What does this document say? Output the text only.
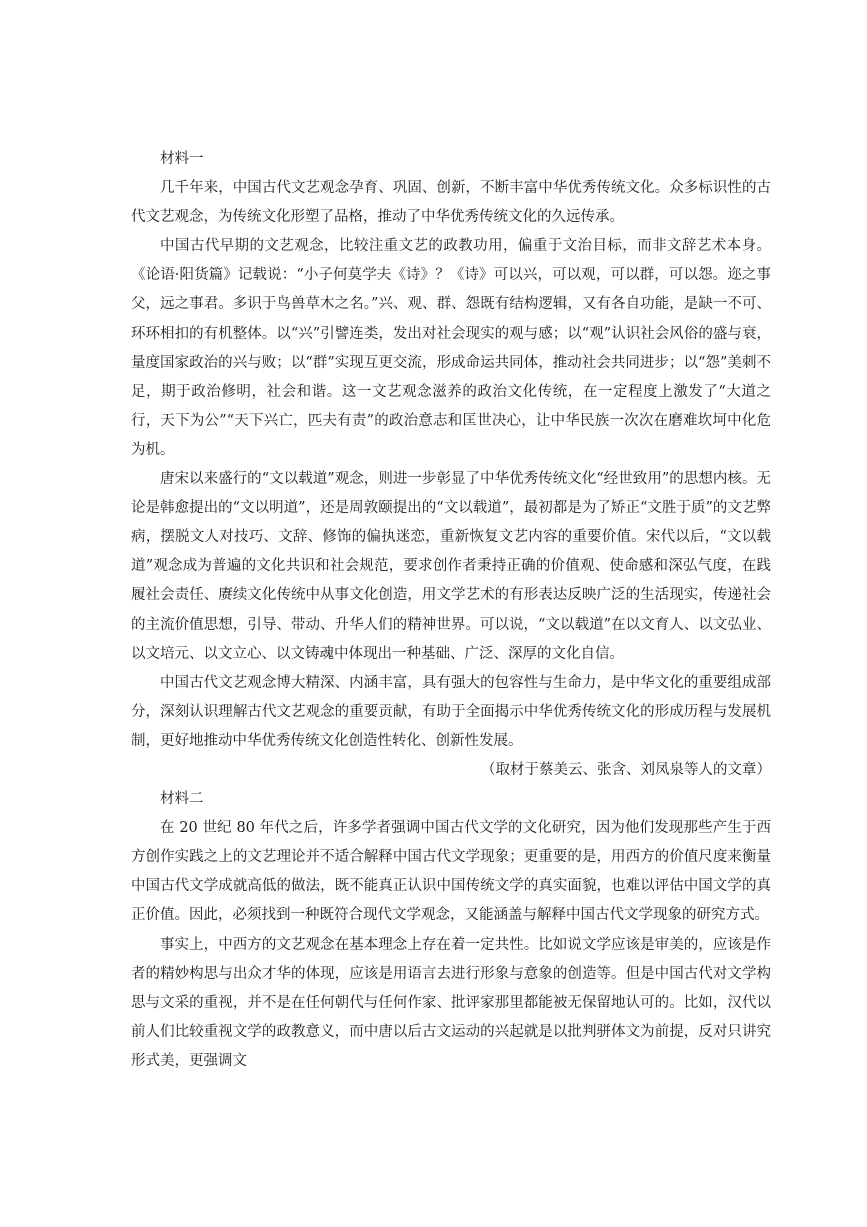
材料一

几千年来，中国古代文艺观念孕育、巩固、创新，不断丰富中华优秀传统文化。众多标识性的古代文艺观念，为传统文化形塑了品格，推动了中华优秀传统文化的久远传承。

中国古代早期的文艺观念，比较注重文艺的政教功用，偏重于文治目标，而非文辞艺术本身。《论语·阳货篇》记载说：“小子何莫学夫《诗》？《诗》可以兴，可以观，可以群，可以怨。迩之事父，远之事君。多识于鸟兽草木之名。”兴、观、群、怨既有结构逻辑，又有各自功能，是缺一不可、环环相扣的有机整体。以“兴”引譬连类，发出对社会现实的观与感；以“观”认识社会风俗的盛与衰，量度国家政治的兴与败；以“群”实现互更交流，形成命运共同体，推动社会共同进步；以“怨”美刺不足，期于政治修明，社会和谐。这一文艺观念滋养的政治文化传统，在一定程度上激发了“大道之行，天下为公”“天下兴亡，匹夫有责”的政治意志和匡世决心，让中华民族一次次在磨难坎坷中化危为机。

唐宋以来盛行的“文以载道”观念，则进一步彰显了中华优秀传统文化“经世致用”的思想内核。无论是韩愈提出的“文以明道”，还是周敦颐提出的“文以载道”，最初都是为了矫正“文胜于质”的文艺弊病，摆脱文人对技巧、文辞、修饰的偏执迷恋，重新恢复文艺内容的重要价值。宋代以后，“文以载道”观念成为普遍的文化共识和社会规范，要求创作者秉持正确的价值观、使命感和深弘气度，在践履社会责任、赓续文化传统中从事文化创造，用文学艺术的有形表达反映广泛的生活现实，传递社会的主流价值思想，引导、带动、升华人们的精神世界。可以说，“文以载道”在以文育人、以文弘业、以文培元、以文立心、以文铸魂中体现出一种基础、广泛、深厚的文化自信。

中国古代文艺观念博大精深、内涵丰富，具有强大的包容性与生命力，是中华文化的重要组成部分，深刻认识理解古代文艺观念的重要贡献，有助于全面揭示中华优秀传统文化的形成历程与发展机制，更好地推动中华优秀传统文化创造性转化、创新性发展。

（取材于蔡美云、张含、刘凤泉等人的文章）

材料二

在 20 世纪 80 年代之后，许多学者强调中国古代文学的文化研究，因为他们发现那些产生于西方创作实践之上的文艺理论并不适合解释中国古代文学现象；更重要的是，用西方的价值尺度来衡量中国古代文学成就高低的做法，既不能真正认识中国传统文学的真实面貌，也难以评估中国文学的真正价值。因此，必须找到一种既符合现代文学观念，又能涵盖与解释中国古代文学现象的研究方式。

事实上，中西方的文艺观念在基本理念上存在着一定共性。比如说文学应该是审美的，应该是作者的精妙构思与出众才华的体现，应该是用语言去进行形象与意象的创造等。但是中国古代对文学构思与文采的重视，并不是在任何朝代与任何作家、批评家那里都能被无保留地认可的。比如，汉代以前人们比较重视文学的政教意义，而中唐以后古文运动的兴起就是以批判骈体文为前提，反对只讲究形式美，更强调文
